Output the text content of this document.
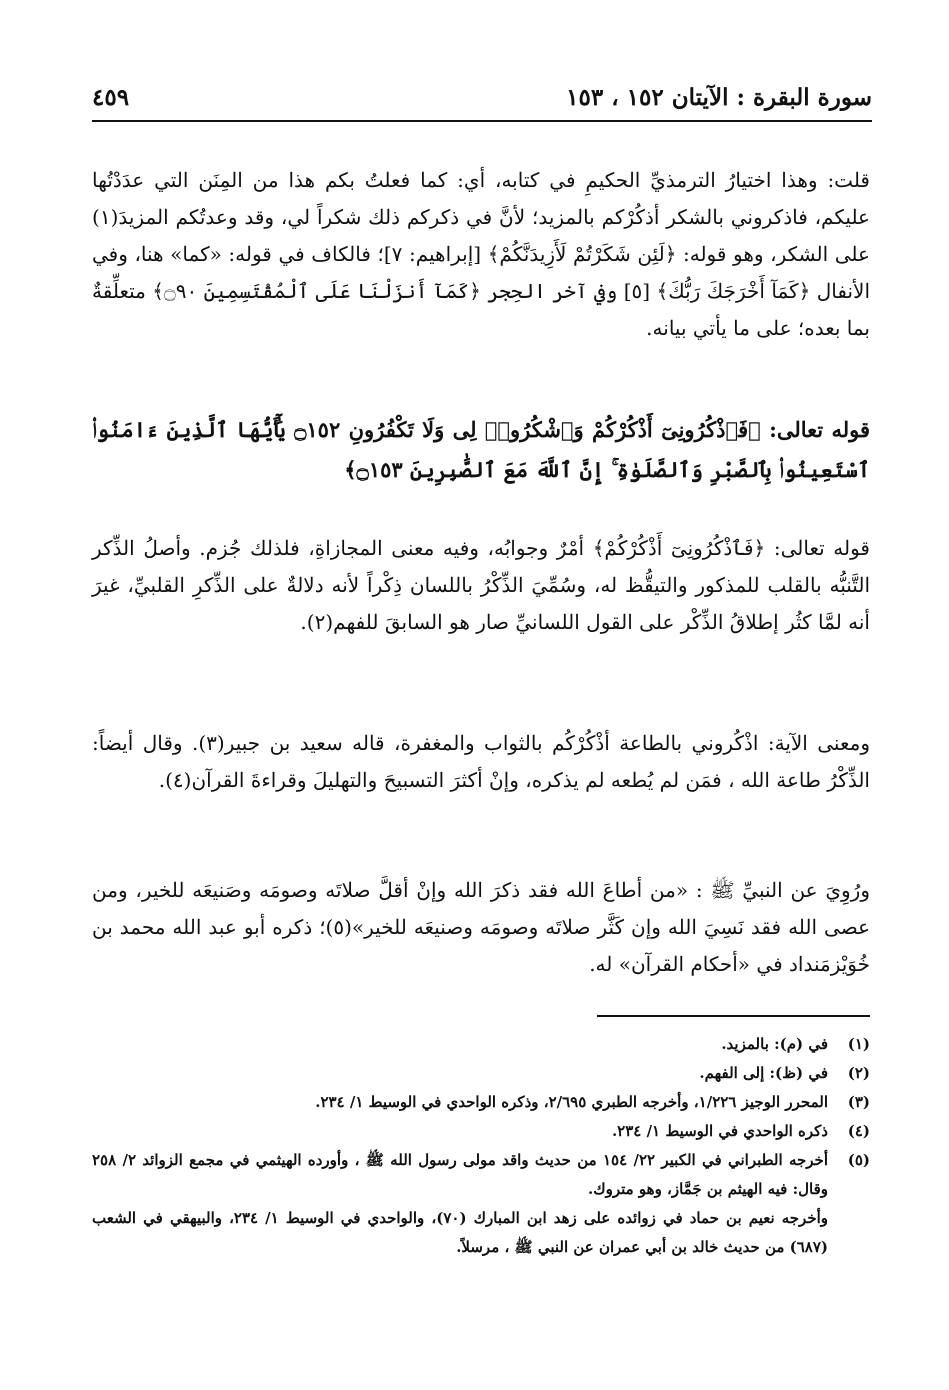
سورة البقرة : الآيتان ١٥٢ ، ١٥٣
٤٥٩
قلت: وهذا اختيارُ الترمذيِّ الحكيمِ في كتابه، أي: كما فعلتُ بكم هذا من المِنَن التي عدَدْتُها عليكم، فاذكروني بالشكر أذكُرْكم بالمزيد؛ لأنَّ في ذكركم ذلك شكراً لي، وقد وعدتُكم المزيدَ(١) على الشكر، وهو قوله: ﴿لَئِن شَكَرْتُمْ لَأَزِيدَنَّكُمْ﴾ [إبراهيم: ٧]؛ فالكاف في قوله: «كما» هنا، وفي الأنفال ﴿كَمَآ أَخْرَجَكَ رَبُّكَ﴾ [٥] وفي آخر الحِجر ﴿كَمَآ أَنزَلْنَا عَلَى ٱلْمُقْتَسِمِينَ ۝٩٠﴾ متعلِّقةٌ بما بعده؛ على ما يأتي بيانه.
قوله تعالى: ﴿فَٱذْكُرُونِىٓ أَذْكُرْكُمْ وَٱشْكُرُوا۟ لِى وَلَا تَكْفُرُونِ ۝١٥٢ يَٰٓأَيُّهَا ٱلَّذِينَ ءَامَنُوا۟ ٱسْتَعِينُوا۟ بِٱلصَّبْرِ وَٱلصَّلَوٰةِ ۚ إِنَّ ٱللَّهَ مَعَ ٱلصَّٰبِرِينَ ۝١٥٣﴾
قوله تعالى: ﴿فَٱذْكُرُونِىٓ أَذْكُرْكُمْ﴾ أمْرٌ وجوابُه، وفيه معنى المجازاةِ، فلذلك جُزم. وأصلُ الذِّكر التَّنبُّه بالقلب للمذكور والتيقُّظ له، وسُمِّيَ الذِّكْرُ باللسان ذِكْراً لأنه دلالةٌ على الذِّكرِ القلبيِّ، غيرَ أنه لمَّا كثُر إطلاقُ الذِّكْر على القول اللسانيِّ صار هو السابقَ للفهم(٢).
ومعنى الآية: اذْكُروني بالطاعة أذْكُرْكُم بالثواب والمغفرة، قاله سعيد بن جبير(٣). وقال أيضاً: الذِّكْرُ طاعة الله ، فمَن لم يُطعه لم يذكره، وإنْ أكثرَ التسبيحَ والتهليلَ وقراءةَ القرآن(٤).
ورُوِيَ عن النبيِّ ﷺ : «من أطاعَ الله فقد ذكرَ الله وإنْ أقلَّ صلاتَه وصومَه وصَنيعَه للخير، ومن عصى الله فقد نَسِيَ الله وإن كَثَّر صلاتَه وصومَه وصنيعَه للخير»(٥)؛ ذكره أبو عبد الله محمد بن خُوَيْزمَنداد في «أحكام القرآن» له.
(١)
في (م): بالمزيد.
(٢)
في (ظ): إلى الفهم.
(٣)
المحرر الوجيز ١/٢٢٦، وأخرجه الطبري ٢/٦٩٥، وذكره الواحدي في الوسيط ١/ ٢٣٤.
(٤)
ذكره الواحدي في الوسيط ١/ ٢٣٤.
(٥)
أخرجه الطبراني في الكبير ٢٢/ ١٥٤ من حديث واقد مولى رسول الله ﷺ ، وأورده الهيثمي في مجمع الزوائد ٢/ ٢٥٨ وقال: فيه الهيثم بن جَمَّاز، وهو متروك.
وأخرجه نعيم بن حماد في زوائده على زهد ابن المبارك (٧٠)، والواحدي في الوسيط ١/ ٢٣٤، والبيهقي في الشعب (٦٨٧) من حديث خالد بن أبي عمران عن النبي ﷺ ، مرسلاً.
